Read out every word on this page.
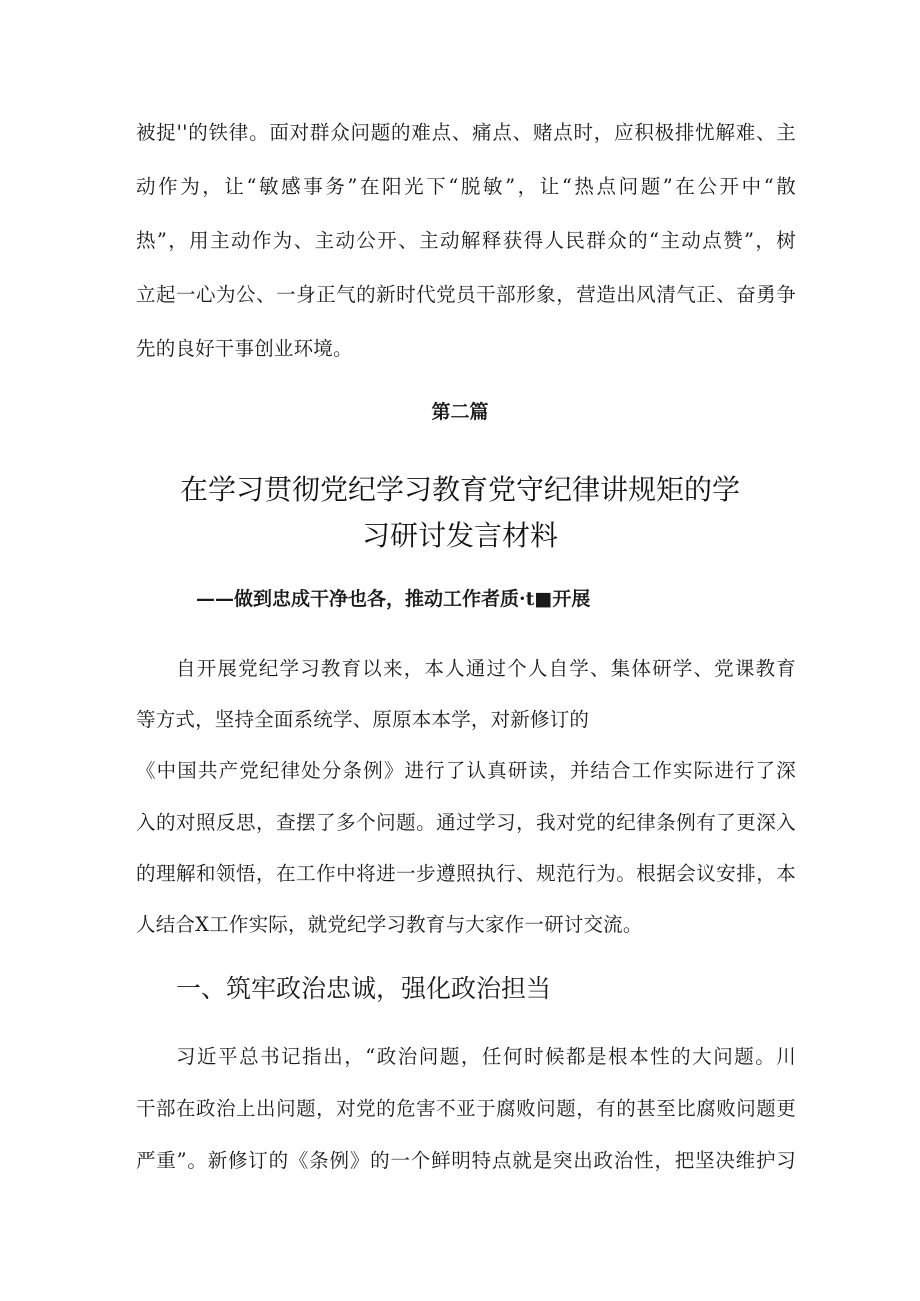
被捉''的铁律。面对群众问题的难点、痛点、赌点时，应积极排忧解难、主
动作为，让“敏感事务”在阳光下“脱敏”，让“热点问题”在公开中“散
热”，用主动作为、主动公开、主动解释获得人民群众的“主动点赞”，树
立起一心为公、一身正气的新时代党员干部形象，营造出风清气正、奋勇争
先的良好干事创业环境。
第二篇
在学习贯彻党纪学习教育党守纪律讲规矩的学
习研讨发言材料
——做到忠成干净也各，推动工作者质·t■开展
自开展党纪学习教育以来，本人通过个人自学、集体研学、党课教育
等方式，坚持全面系统学、原原本本学，对新修订的
《中国共产党纪律处分条例》进行了认真研读，并结合工作实际进行了深
入的对照反思，查摆了多个问题。通过学习，我对党的纪律条例有了更深入
的理解和领悟，在工作中将进一步遵照执行、规范行为。根据会议安排，本
人结合X工作实际，就党纪学习教育与大家作一研讨交流。
一、筑牢政治忠诚，强化政治担当
习近平总书记指出，“政治问题，任何时候都是根本性的大问题。川
干部在政治上出问题，对党的危害不亚于腐败问题，有的甚至比腐败问题更
严重”。新修订的《条例》的一个鲜明特点就是突出政治性，把坚决维护习
